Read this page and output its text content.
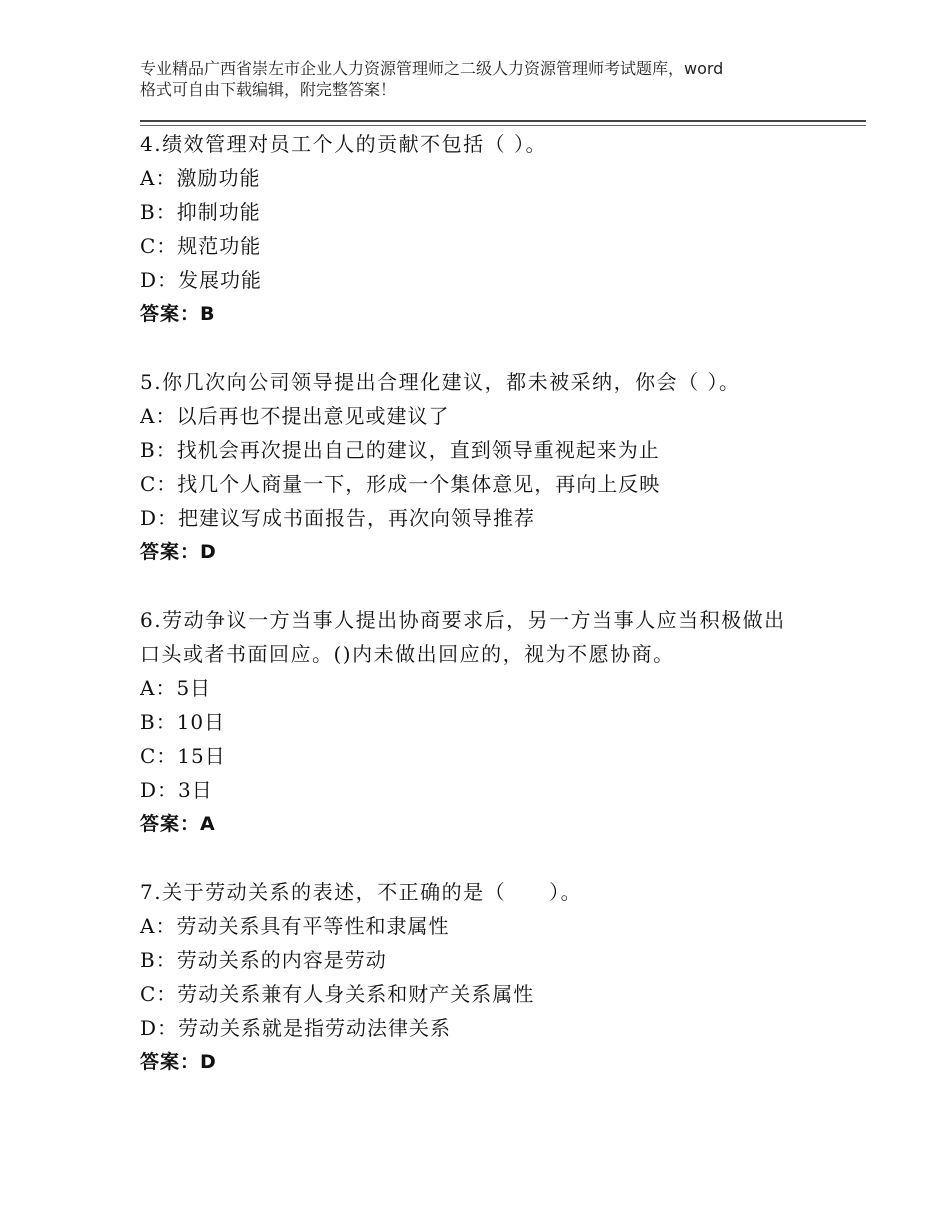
专业精品广西省崇左市企业人力资源管理师之二级人力资源管理师考试题库，word
格式可自由下载编辑，附完整答案！
4.绩效管理对员工个人的贡献不包括（ ）。
A：激励功能
B：抑制功能
C：规范功能
D：发展功能
答案：B
5.你几次向公司领导提出合理化建议，都未被采纳，你会（ ）。
A：以后再也不提出意见或建议了
B：找机会再次提出自己的建议，直到领导重视起来为止
C：找几个人商量一下，形成一个集体意见，再向上反映
D：把建议写成书面报告，再次向领导推荐
答案：D
6.劳动争议一方当事人提出协商要求后，另一方当事人应当积极做出
口头或者书面回应。()内未做出回应的，视为不愿协商。
A：5日
B：10日
C：15日
D：3日
答案：A
7.关于劳动关系的表述，不正确的是（　　）。
A：劳动关系具有平等性和隶属性
B：劳动关系的内容是劳动
C：劳动关系兼有人身关系和财产关系属性
D：劳动关系就是指劳动法律关系
答案：D
